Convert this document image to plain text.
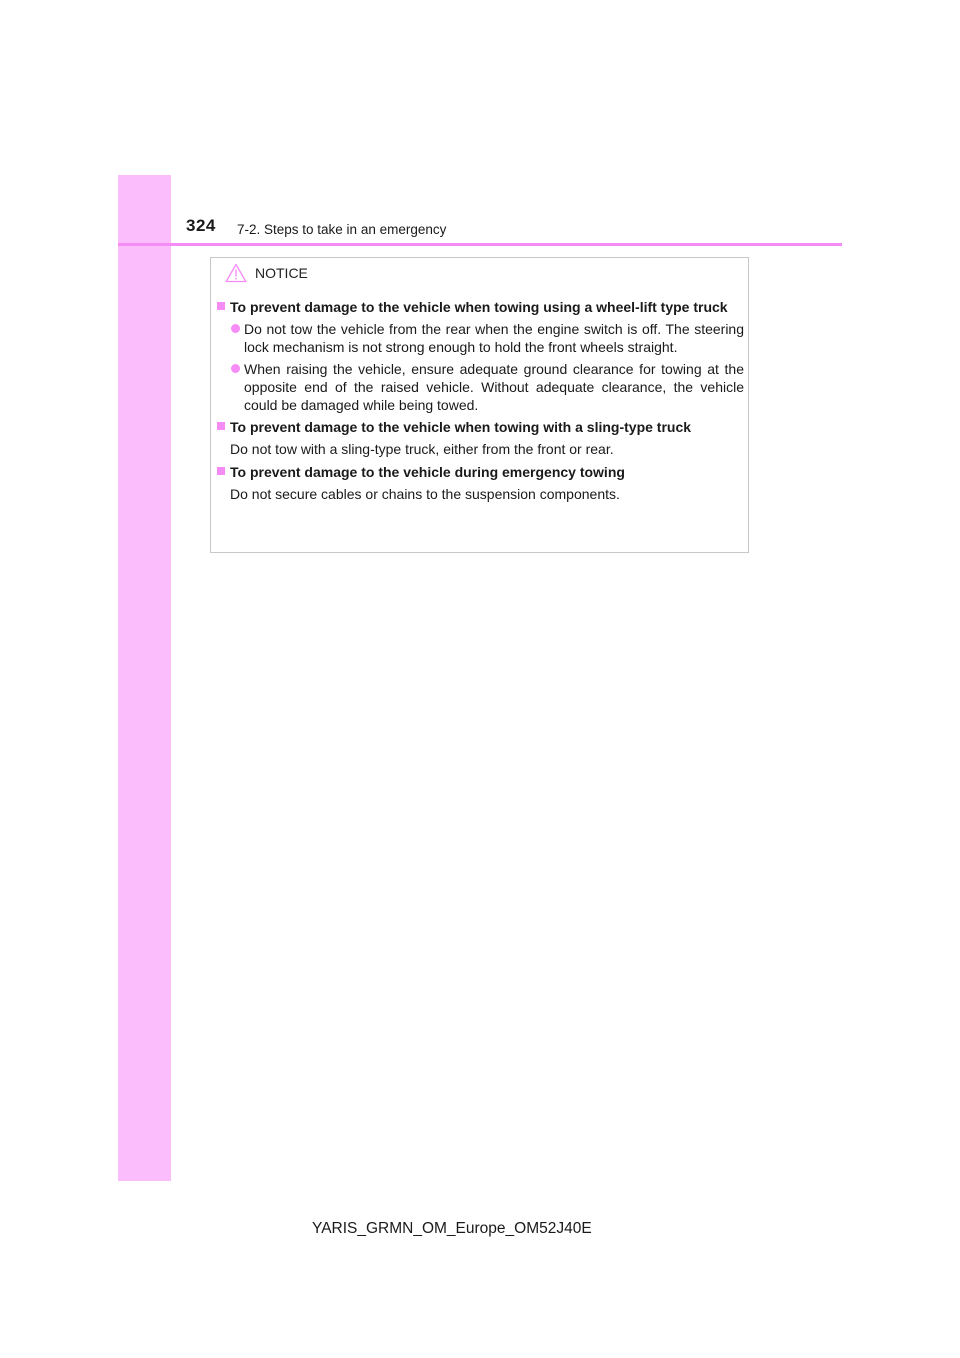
324 7-2. Steps to take in an emergency
NOTICE
To prevent damage to the vehicle when towing using a wheel-lift type truck
Do not tow the vehicle from the rear when the engine switch is off. The steering lock mechanism is not strong enough to hold the front wheels straight.
When raising the vehicle, ensure adequate ground clearance for towing at the opposite end of the raised vehicle. Without adequate clearance, the vehicle could be damaged while being towed.
To prevent damage to the vehicle when towing with a sling-type truck
Do not tow with a sling-type truck, either from the front or rear.
To prevent damage to the vehicle during emergency towing
Do not secure cables or chains to the suspension components.
YARIS_GRMN_OM_Europe_OM52J40E
